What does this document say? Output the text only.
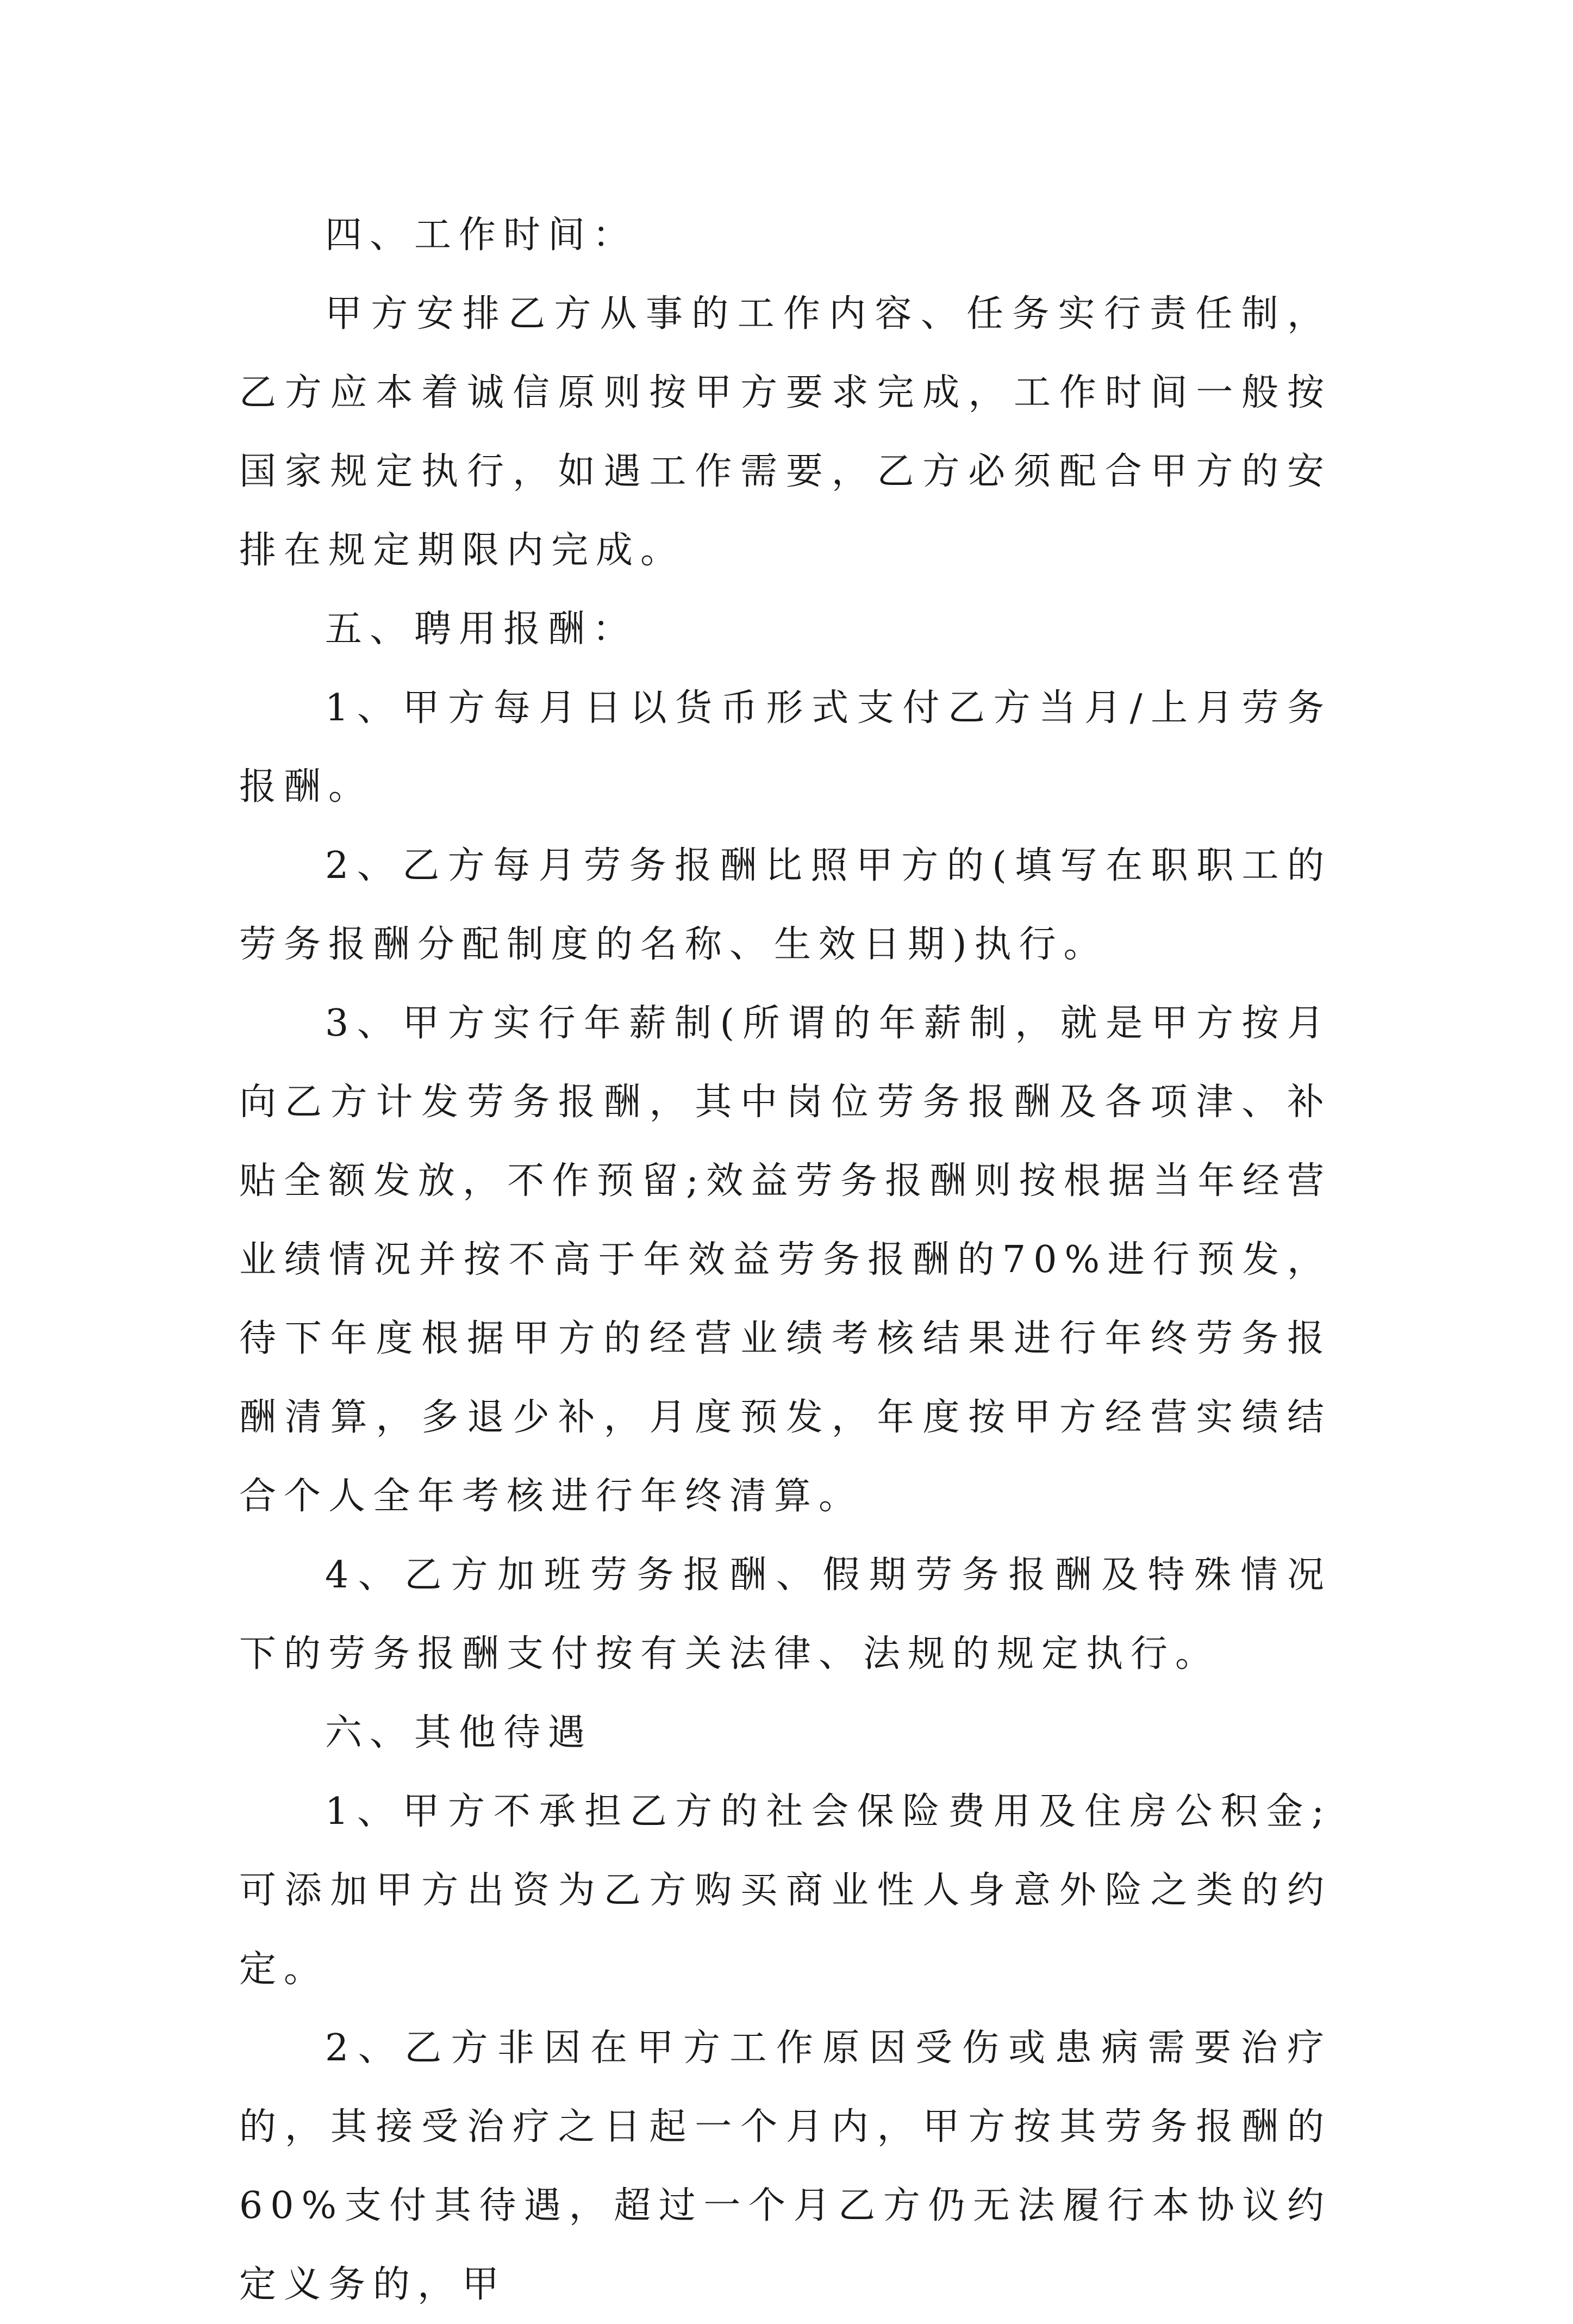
四、工作时间：

甲方安排乙方从事的工作内容、任务实行责任制，乙方应本着诚信原则按甲方要求完成，工作时间一般按国家规定执行，如遇工作需要，乙方必须配合甲方的安排在规定期限内完成。

五、聘用报酬：

1、甲方每月日以货币形式支付乙方当月/上月劳务报酬。

2、乙方每月劳务报酬比照甲方的(填写在职职工的劳务报酬分配制度的名称、生效日期)执行。

3、甲方实行年薪制(所谓的年薪制，就是甲方按月向乙方计发劳务报酬，其中岗位劳务报酬及各项津、补贴全额发放，不作预留;效益劳务报酬则按根据当年经营业绩情况并按不高于年效益劳务报酬的70%进行预发，待下年度根据甲方的经营业绩考核结果进行年终劳务报酬清算，多退少补，月度预发，年度按甲方经营实绩结合个人全年考核进行年终清算。

4、乙方加班劳务报酬、假期劳务报酬及特殊情况下的劳务报酬支付按有关法律、法规的规定执行。

六、其他待遇

1、甲方不承担乙方的社会保险费用及住房公积金;可添加甲方出资为乙方购买商业性人身意外险之类的约定。

2、乙方非因在甲方工作原因受伤或患病需要治疗的，其接受治疗之日起一个月内，甲方按其劳务报酬的60%支付其待遇，超过一个月乙方仍无法履行本协议约定义务的，甲
